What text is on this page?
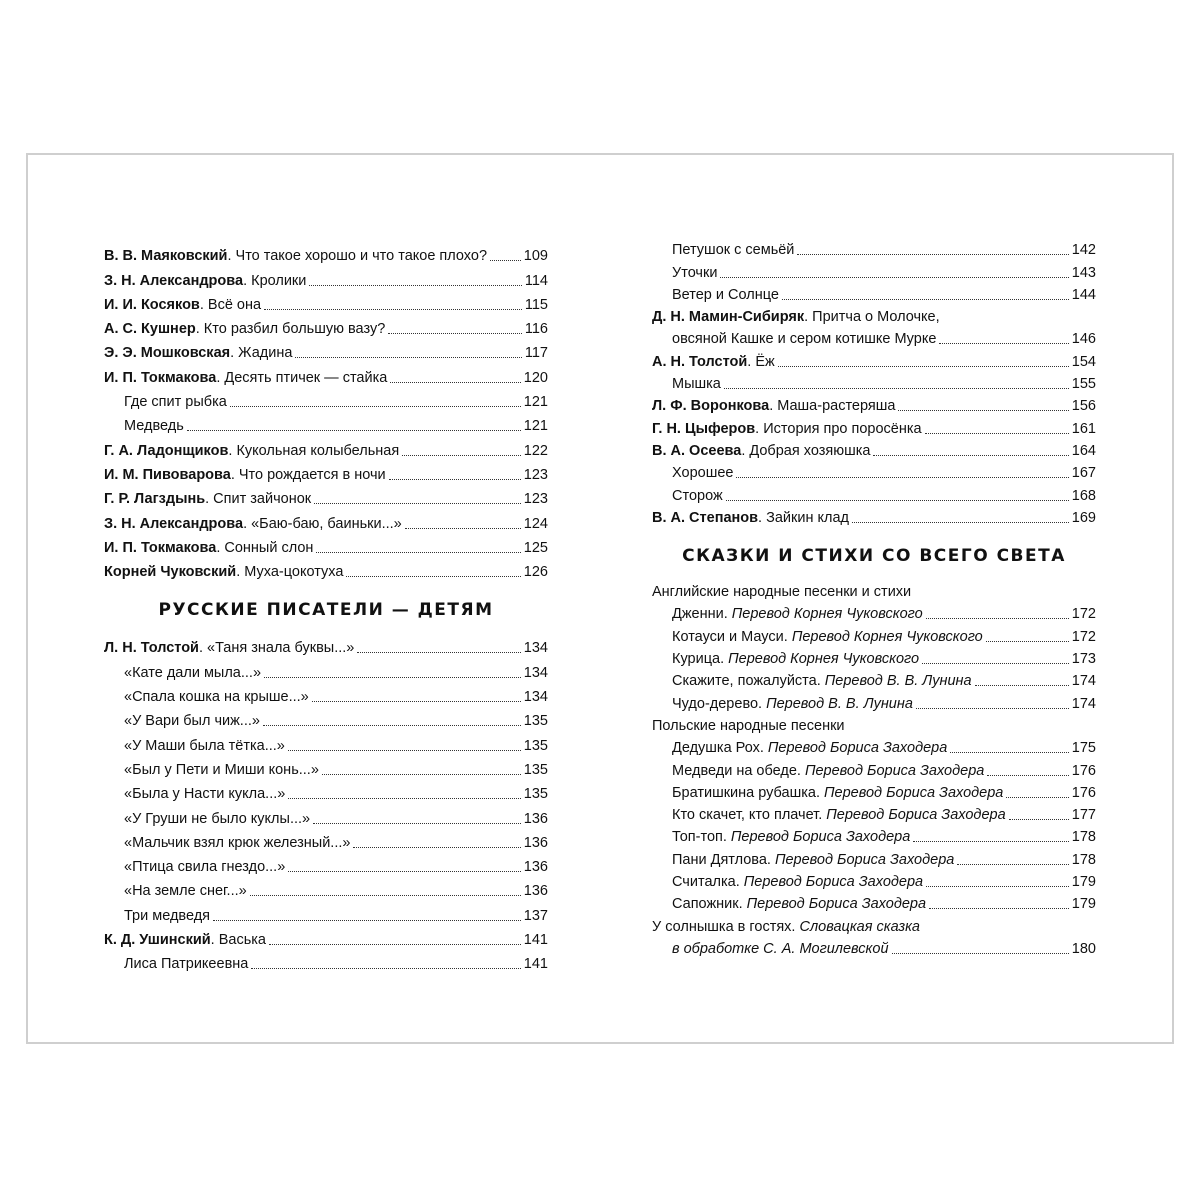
В. В. Маяковский. Что такое хорошо и что такое плохо?	109
З. Н. Александрова. Кролики	114
И. И. Косяков. Всё она	115
А. С. Кушнер. Кто разбил большую вазу?	116
Э. Э. Мошковская. Жадина	117
И. П. Токмакова. Десять птичек — стайка	120
Где спит рыбка	121
Медведь	121
Г. А. Ладонщиков. Кукольная колыбельная	122
И. М. Пивоварова. Что рождается в ночи	123
Г. Р. Лагздынь. Спит зайчонок	123
З. Н. Александрова. «Баю-баю, баиньки...»	124
И. П. Токмакова. Сонный слон	125
Корней Чуковский. Муха-цокотуха	126
РУССКИЕ ПИСАТЕЛИ — ДЕТЯМ
Л. Н. Толстой. «Таня знала буквы...»	134
«Кате дали мыла...»	134
«Спала кошка на крыше...»	134
«У Вари был чиж...»	135
«У Маши была тётка...»	135
«Был у Пети и Миши конь...»	135
«Была у Насти кукла...»	135
«У Груши не было куклы...»	136
«Мальчик взял крюк железный...»	136
«Птица свила гнездо...»	136
«На земле снег...»	136
Три медведя	137
К. Д. Ушинский. Васька	141
Лиса Патрикеевна	141
Петушок с семьёй	142
Уточки	143
Ветер и Солнце	144
Д. Н. Мамин-Сибиряк. Притча о Молочке,
овсяной Кашке и сером котишке Мурке	146
А. Н. Толстой. Ёж	154
Мышка	155
Л. Ф. Воронкова. Маша-растеряша	156
Г. Н. Цыферов. История про поросёнка	161
В. А. Осеева. Добрая хозяюшка	164
Хорошее	167
Сторож	168
В. А. Степанов. Зайкин клад	169
СКАЗКИ И СТИХИ СО ВСЕГО СВЕТА
Английские народные песенки и стихи
Дженни. Перевод Корнея Чуковского	172
Котауси и Мауси. Перевод Корнея Чуковского	172
Курица. Перевод Корнея Чуковского	173
Скажите, пожалуйста. Перевод В. В. Лунина	174
Чудо-дерево. Перевод В. В. Лунина	174
Польские народные песенки
Дедушка Рох. Перевод Бориса Заходера	175
Медведи на обеде. Перевод Бориса Заходера	176
Братишкина рубашка. Перевод Бориса Заходера	176
Кто скачет, кто плачет. Перевод Бориса Заходера	177
Топ-топ. Перевод Бориса Заходера	178
Пани Дятлова. Перевод Бориса Заходера	178
Считалка. Перевод Бориса Заходера	179
Сапожник. Перевод Бориса Заходера	179
У солнышка в гостях. Словацкая сказка
в обработке С. А. Могилевской	180
